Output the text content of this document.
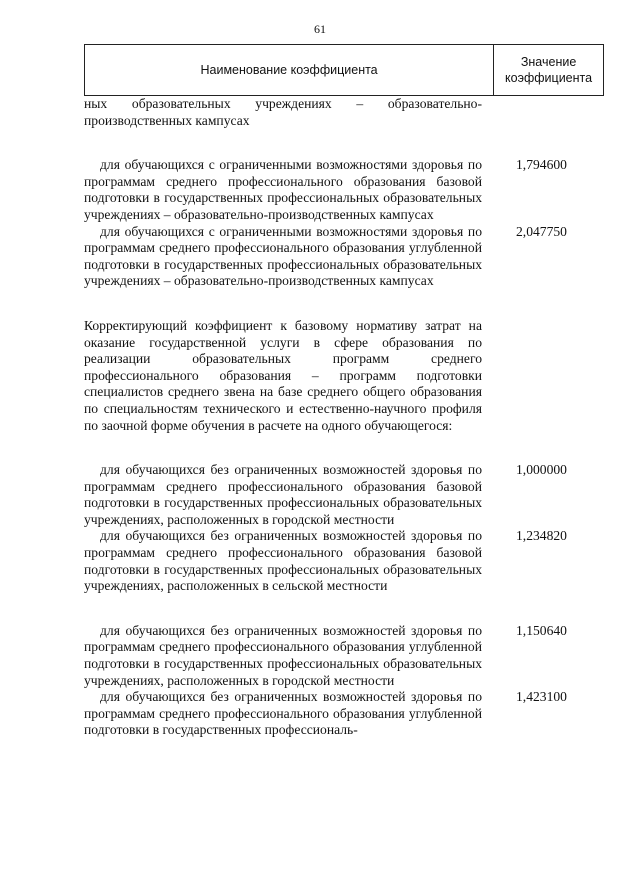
61
Наименование коэффициента	
Значение
коэффициента
ных образовательных учреждениях – образовательно-производственных кампусах
для обучающихся с ограниченными возможностями здоровья по программам среднего профессионального образования базовой подготовки в государственных профессиональных образовательных учреждениях – образовательно-производственных кампусах
1,794600
для обучающихся с ограниченными возможностями здоровья по программам среднего профессионального образования углубленной подготовки в государственных профессиональных образовательных учреждениях – образовательно-производственных кампусах
2,047750
Корректирующий коэффициент к базовому нормативу затрат на оказание государственной услуги в сфере образования по реализации образовательных программ среднего профессионального образования – программ подготовки специалистов среднего звена на базе среднего общего образования по специальностям технического и естественно-научного профиля по заочной форме обучения в расчете на одного обучающегося:
для обучающихся без ограниченных возможностей здоровья по программам среднего профессионального образования базовой подготовки в государственных профессиональных образовательных учреждениях, расположенных в городской местности
1,000000
для обучающихся без ограниченных возможностей здоровья по программам среднего профессионального образования базовой подготовки в государственных профессиональных образовательных учреждениях, расположенных в сельской местности
1,234820
для обучающихся без ограниченных возможностей здоровья по программам среднего профессионального образования углубленной подготовки в государственных профессиональных образовательных учреждениях, расположенных в городской местности
1,150640
для обучающихся без ограниченных возможностей здоровья по программам среднего профессионального образования углубленной подготовки в государственных профессиональ-
1,423100
